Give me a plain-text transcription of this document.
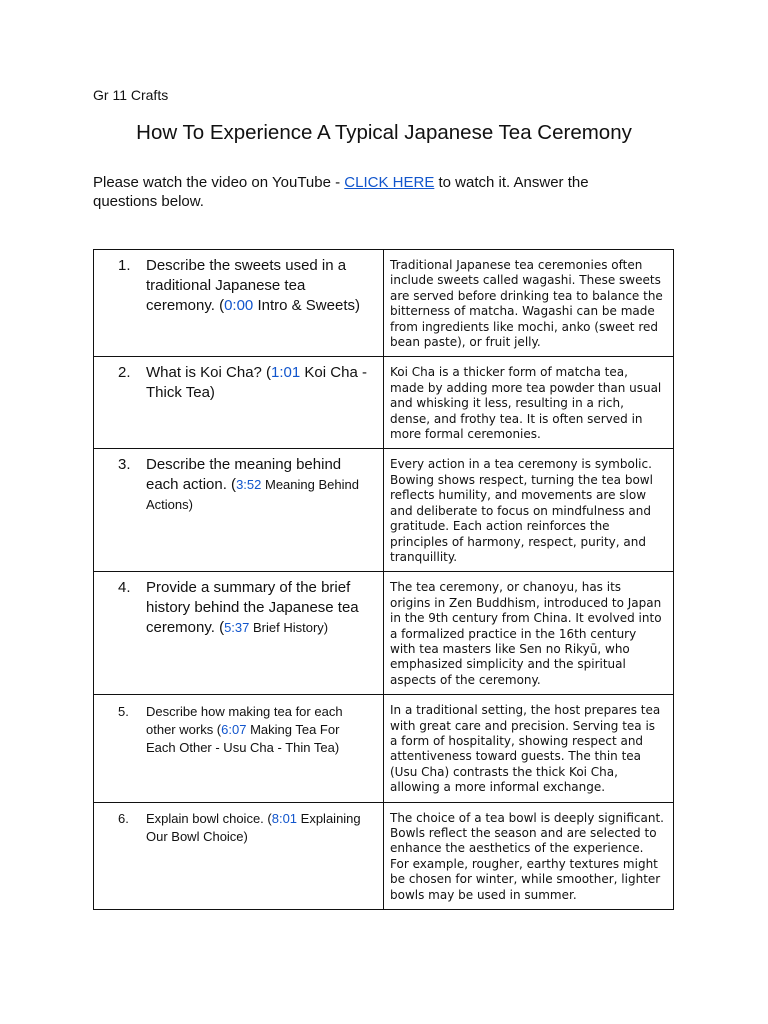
Gr 11 Crafts
How To Experience A Typical Japanese Tea Ceremony
Please watch the video on YouTube - CLICK HERE to watch it. Answer the questions below.
1. Describe the sweets used in a traditional Japanese tea ceremony. (0:00 Intro & Sweets)	Traditional Japanese tea ceremonies often include sweets called wagashi. These sweets are served before drinking tea to balance the bitterness of matcha. Wagashi can be made from ingredients like mochi, anko (sweet red bean paste), or fruit jelly.

2. What is Koi Cha? (1:01 Koi Cha - Thick Tea)	Koi Cha is a thicker form of matcha tea, made by adding more tea powder than usual and whisking it less, resulting in a rich, dense, and frothy tea. It is often served in more formal ceremonies.

3. Describe the meaning behind each action. (3:52 Meaning Behind Actions)	Every action in a tea ceremony is symbolic. Bowing shows respect, turning the tea bowl reflects humility, and movements are slow and deliberate to focus on mindfulness and gratitude. Each action reinforces the principles of harmony, respect, purity, and tranquillity.

4. Provide a summary of the brief history behind the Japanese tea ceremony. (5:37 Brief History)	The tea ceremony, or chanoyu, has its origins in Zen Buddhism, introduced to Japan in the 9th century from China. It evolved into a formalized practice in the 16th century with tea masters like Sen no Rikyū, who emphasized simplicity and the spiritual aspects of the ceremony.

5. Describe how making tea for each other works (6:07 Making Tea For Each Other - Usu Cha - Thin Tea)	In a traditional setting, the host prepares tea with great care and precision. Serving tea is a form of hospitality, showing respect and attentiveness toward guests. The thin tea (Usu Cha) contrasts the thick Koi Cha, allowing a more informal exchange.

6. Explain bowl choice. (8:01 Explaining Our Bowl Choice)	The choice of a tea bowl is deeply significant. Bowls reflect the season and are selected to enhance the aesthetics of the experience. For example, rougher, earthy textures might be chosen for winter, while smoother, lighter bowls may be used in summer.
